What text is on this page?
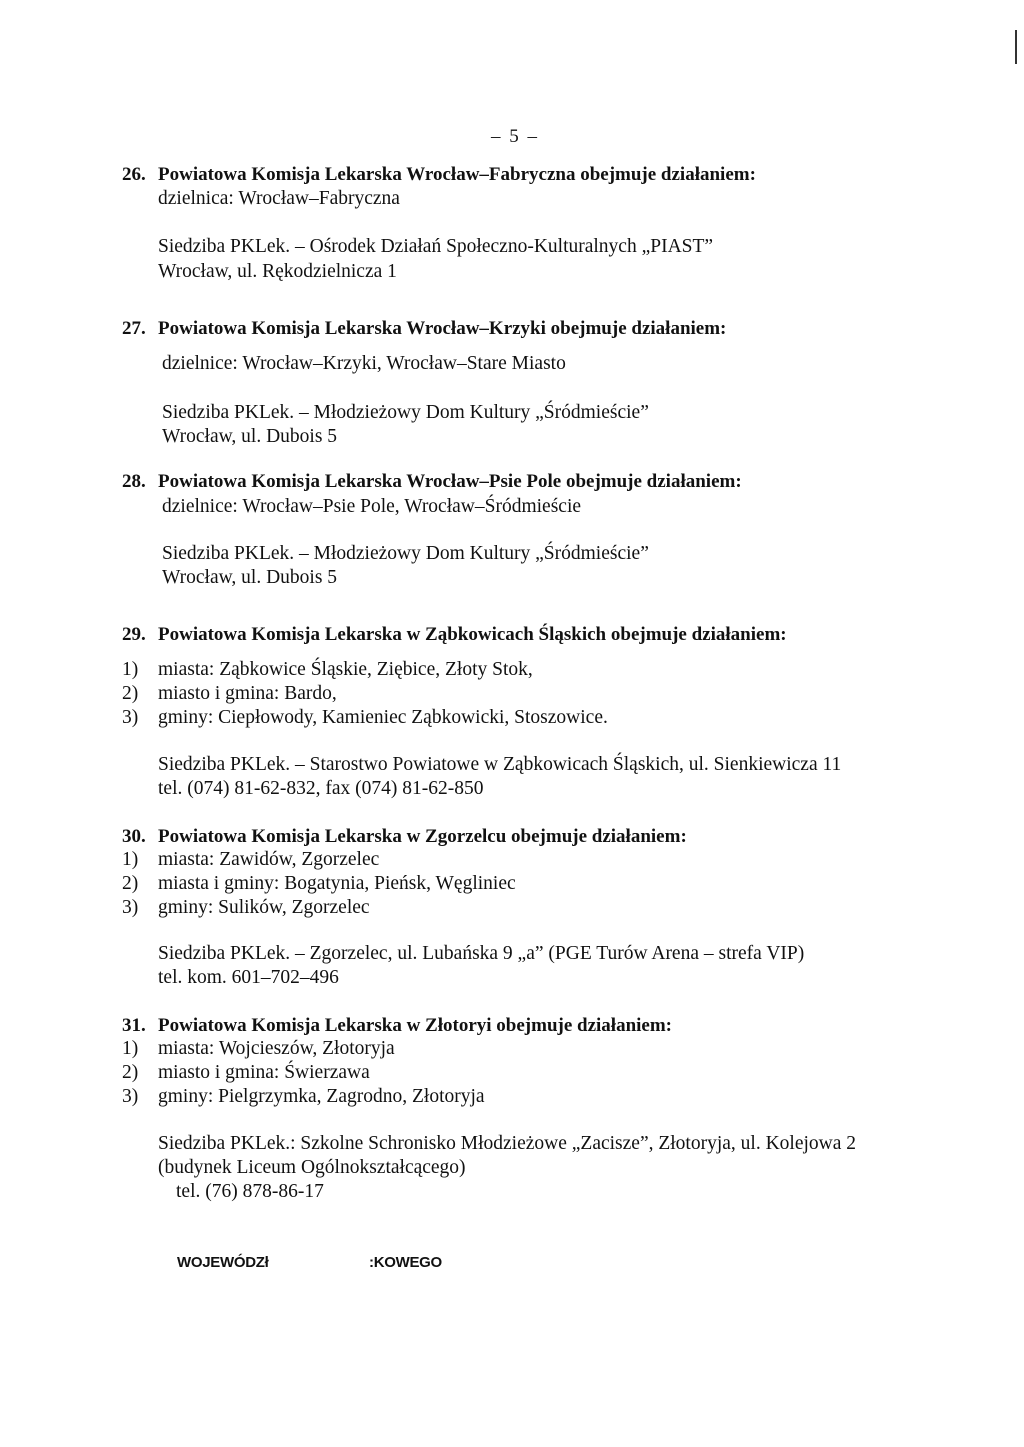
– 5 –
26. Powiatowa Komisja Lekarska Wrocław–Fabryczna obejmuje działaniem:
dzielnica: Wrocław–Fabryczna
Siedziba PKLek. – Ośrodek Działań Społeczno-Kulturalnych „PIAST”
Wrocław, ul. Rękodzielnicza 1
27. Powiatowa Komisja Lekarska Wrocław–Krzyki obejmuje działaniem:
dzielnice: Wrocław–Krzyki, Wrocław–Stare Miasto
Siedziba PKLek. – Młodzieżowy Dom Kultury „Śródmieście”
Wrocław, ul. Dubois 5
28. Powiatowa Komisja Lekarska Wrocław–Psie Pole obejmuje działaniem:
dzielnice: Wrocław–Psie Pole, Wrocław–Śródmieście
Siedziba PKLek. – Młodzieżowy Dom Kultury „Śródmieście”
Wrocław, ul. Dubois 5
29. Powiatowa Komisja Lekarska w Ząbkowicach Śląskich obejmuje działaniem:
1) miasta: Ząbkowice Śląskie, Ziębice, Złoty Stok,
2) miasto i gmina: Bardo,
3) gminy: Ciepłowody, Kamieniec Ząbkowicki, Stoszowice.
Siedziba PKLek. – Starostwo Powiatowe w Ząbkowicach Śląskich, ul. Sienkiewicza 11
tel. (074) 81-62-832, fax (074) 81-62-850
30. Powiatowa Komisja Lekarska w Zgorzelcu obejmuje działaniem:
1) miasta: Zawidów, Zgorzelec
2) miasta i gminy: Bogatynia, Pieńsk, Węgliniec
3) gminy: Sulików, Zgorzelec
Siedziba PKLek. – Zgorzelec, ul. Lubańska 9 „a” (PGE Turów Arena – strefa VIP)
tel. kom. 601–702–496
31. Powiatowa Komisja Lekarska w Złotoryi obejmuje działaniem:
1) miasta: Wojcieszów, Złotoryja
2) miasto i gmina: Świerzawa
3) gminy: Pielgrzymka, Zagrodno, Złotoryja
Siedziba PKLek.: Szkolne Schronisko Młodzieżowe „Zacisze”, Złotoryja, ul. Kolejowa 2
(budynek Liceum Ogólnokształcącego)
tel. (76) 878-86-17
WOJEWÓDZł	:KOWEGO
